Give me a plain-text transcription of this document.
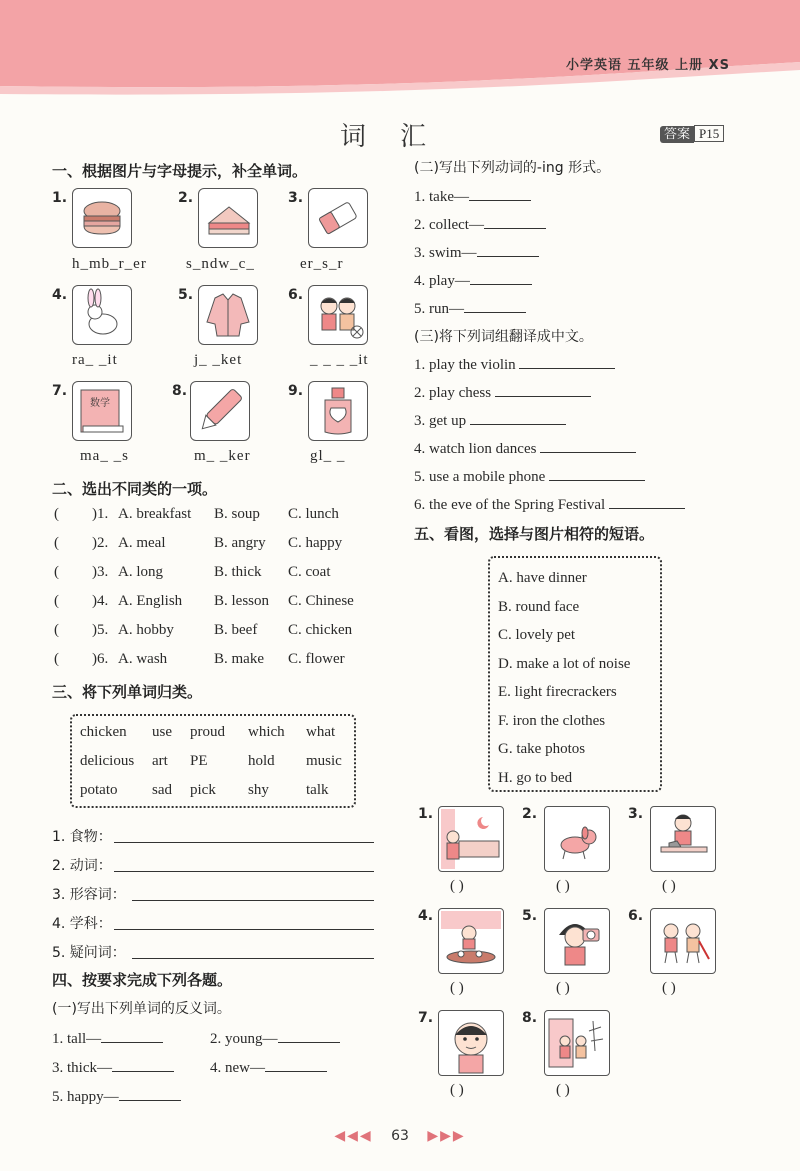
小学英语 五年级 上册 XS
词汇	答案 P15
一、根据图片与字母提示，补全单词。
1.	2.	3.
h_mb_r_er	s_ndw_c_	er_s_r
4.	5.	6.
ra_ _it	j_ _ket	_ _ _ _it
7.
数学
8.	9.
ma_ _s	m_ _ker	gl_ _
二、选出不同类的一项。
( )1. A. breakfast B. soup C. lunch
( )2. A. meal	B. angry C. happy
( )3. A. long	B. thick C. coat
( )4. A. English B. lesson C. Chinese
( )5. A. hobby	B. beef C. chicken
( )6. A. wash	B. make C. flower
三、将下列单词归类。
chicken use proud which what
delicious art PE	hold music
potato sad pick shy talk
1. 食物：
2. 动词：
3. 形容词：
4. 学科：
5. 疑问词：
四、按要求完成下列各题。
(一)写出下列单词的反义词。
1. tall—	2. young—
3. thick—	4. new—
5. happy—
(二)写出下列动词的-ing 形式。
1. take—
2. collect—
3. swim—
4. play—
5. run—
(三)将下列词组翻译成中文。
1. play the violin
2. play chess
3. get up
4. watch lion dances
5. use a mobile phone
6. the eve of the Spring Festival
五、看图，选择与图片相符的短语。
A. have dinner
B. round face
C. lovely pet
D. make a lot of noise
E. light firecrackers
F. iron the clothes
G. take photos
H. go to bed
1.	2.	3.
( )	( )	( )
4.	5.	6.
( )	( )	( )
7.	8.
( )	( )
◀◀◀ 63 ▶▶▶
